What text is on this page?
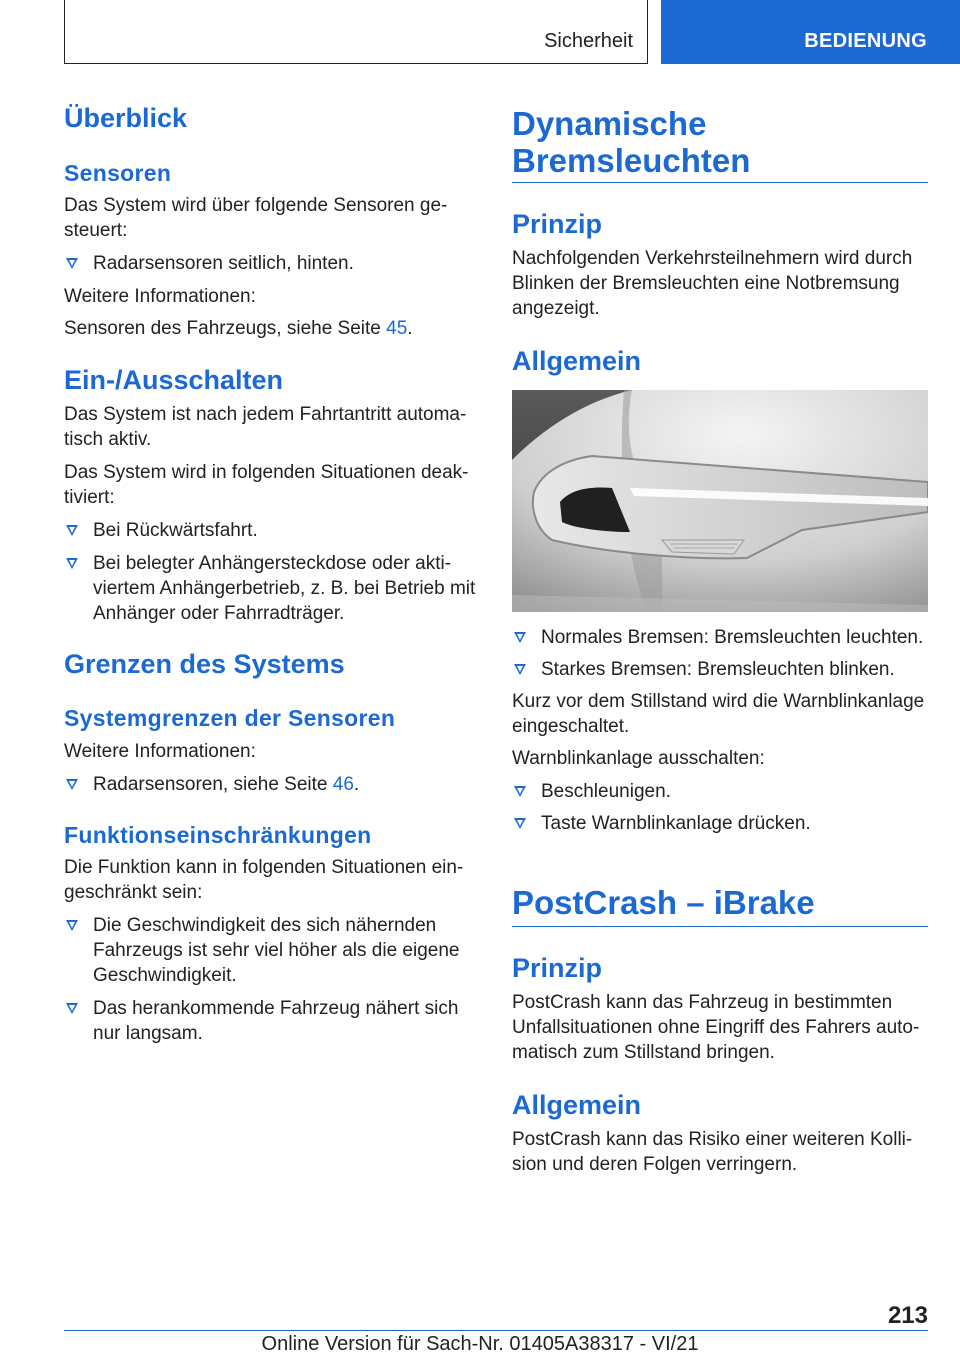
Sicherheit	BEDIENUNG
Überblick
Sensoren

Das System wird über folgende Sensoren ge- steuert:

Radarsensoren seitlich, hinten.

Weitere Informationen:

Sensoren des Fahrzeugs, siehe Seite 45.

Ein-/Ausschalten

Das System ist nach jedem Fahrtantritt automa- tisch aktiv.

Das System wird in folgenden Situationen deak- tiviert:

Bei Rückwärtsfahrt.
Bei belegter Anhängersteckdose oder akti- viertem Anhängerbetrieb, z. B. bei Betrieb mit Anhänger oder Fahrradträger.
Grenzen des Systems
Systemgrenzen der Sensoren

Weitere Informationen:

Radarsensoren, siehe Seite 46.
Funktionseinschränkungen

Die Funktion kann in folgenden Situationen ein- geschränkt sein:

Die Geschwindigkeit des sich nähernden Fahrzeugs ist sehr viel höher als die eigene Geschwindigkeit.
Das herankommende Fahrzeug nähert sich nur langsam.
Dynamische
Bremsleuchten
Prinzip

Nachfolgenden Verkehrsteilnehmern wird durch Blinken der Bremsleuchten eine Notbremsung angezeigt.

Allgemein
Normales Bremsen: Bremsleuchten leuchten.
Starkes Bremsen: Bremsleuchten blinken.

Kurz vor dem Stillstand wird die Warnblinkanlage eingeschaltet.

Warnblinkanlage ausschalten:

Beschleunigen.
Taste Warnblinkanlage drücken.
PostCrash – iBrake
Prinzip

PostCrash kann das Fahrzeug in bestimmten Unfallsituationen ohne Eingriff des Fahrers auto- matisch zum Stillstand bringen.

Allgemein

PostCrash kann das Risiko einer weiteren Kolli- sion und deren Folgen verringern.

213
Online Version für Sach-Nr. 01405A38317 - VI/21
